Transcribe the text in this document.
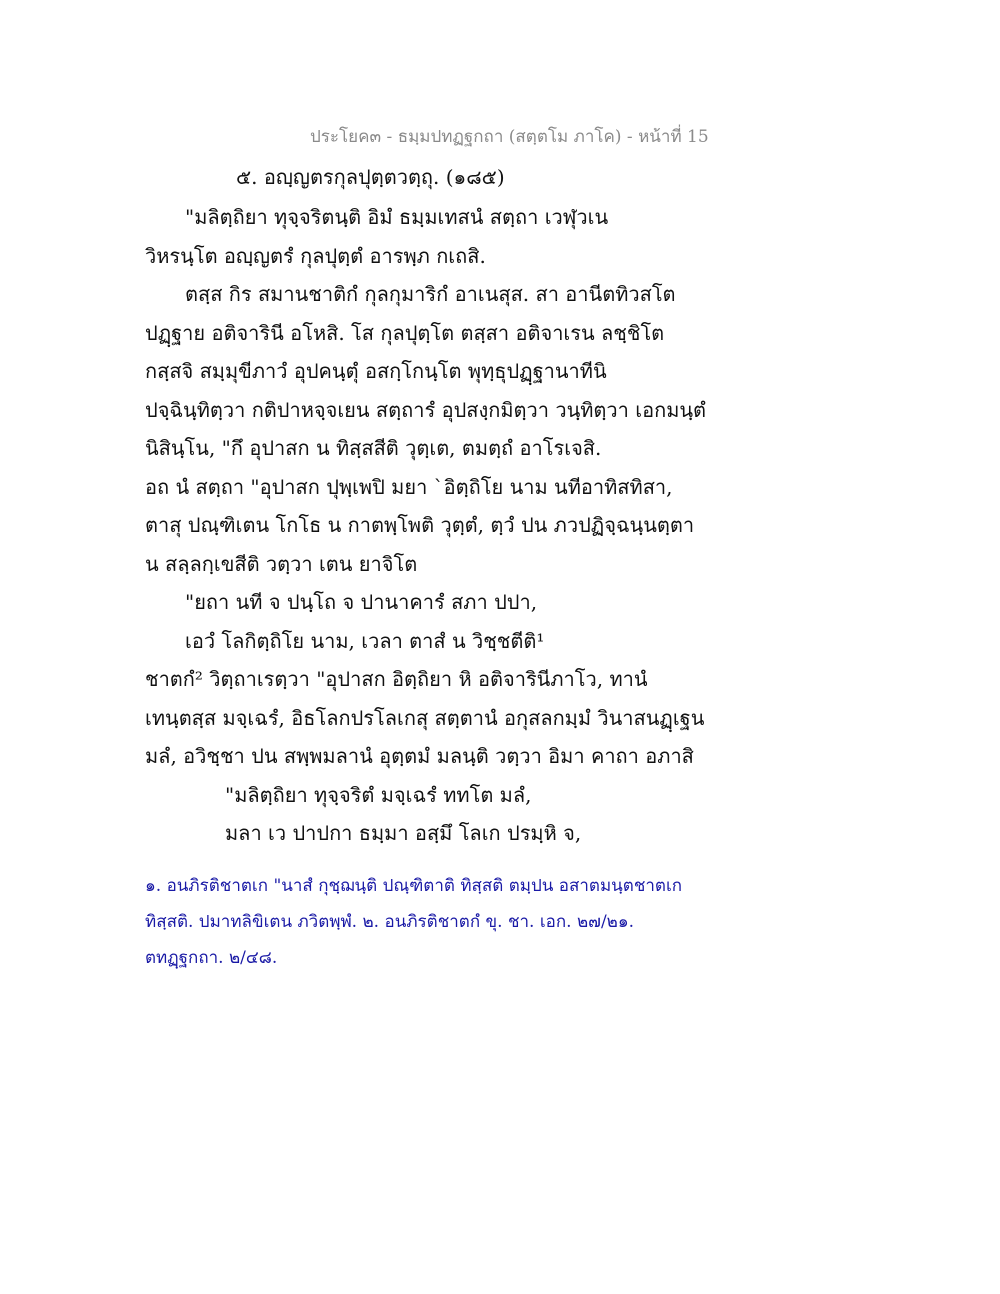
ประโยค๓ - ธมฺมปทฏฐกถา (สตฺตโม ภาโค) - หน้าที่ 15
๕. อญฺญตรกุลปุตฺตวตฺถุ. (๑๘๕)
"มลิตฺถิยา ทุจฺจริตนฺติ อิมํ ธมฺมเทสนํ สตฺถา เวฬุวเน
วิหรนฺโต อญฺญตรํ กุลปุตฺตํ อารพฺภ กเถสิ.
ตสฺส กิร สมานชาติกํ กุลกุมาริกํ อาเนสุส. สา อานีตทิวสโต
ปฏฺฐาย อติจารินี อโหสิ. โส กุลปุตฺโต ตสฺสา อติจาเรน ลชฺชิโต
กสฺสจิ สมฺมุขีภาวํ อุปคนฺตุํ อสกฺโกนฺโต พุทฺธุปฏฺฐานาทีนิ
ปจฺฉินฺทิตฺวา กติปาหจฺจเยน สตฺถารํ อุปสงฺกมิตฺวา วนฺทิตฺวา เอกมนฺตํ
นิสินฺโน, "กึ อุปาสก น ทิสฺสสีติ วุตฺเต, ตมตฺถํ อาโรเจสิ.
อถ นํ สตฺถา "อุปาสก ปุพฺเพปิ มยา `อิตฺถิโย นาม นทีอาทิสทิสา,
ตาสุ ปณฺฑิเตน โกโธ น กาตพฺโพติ วุตฺตํ, ตฺวํ ปน ภวปฏิจฺฉนฺนตฺตา
น สลฺลกฺเขสีติ วตฺวา เตน ยาจิโต
"ยถา นที จ ปนฺโถ จ ปานาคารํ สภา ปปา,
เอวํ โลกิตฺถิโย นาม, เวลา ตาสํ น วิชฺชตีติ¹
ชาตกํ² วิตฺถาเรตฺวา "อุปาสก อิตฺถิยา หิ อติจารินีภาโว, ทานํ
เทนฺตสฺส มจฺเฉรํ, อิธโลกปรโลเกสุ สตฺตานํ อกุสลกมฺมํ วินาสนฏฺเฐน
มลํ, อวิชฺชา ปน สพฺพมลานํ อุตฺตมํ มลนฺติ วตฺวา อิมา คาถา อภาสิ
"มลิตฺถิยา ทุจฺจริตํ มจฺเฉรํ ททโต มลํ,
มลา เว ปาปกา ธมฺมา อสฺมึ โลเก ปรมฺหิ จ,
๑. อนภิรติชาตเก "นาสํ กุชฺฌนฺติ ปณฺฑิตาติ ทิสฺสติ ตมฺปน อสาตมนฺตชาตเก
ทิสฺสติ. ปมาทลิขิเตน ภวิตพฺพํ. ๒. อนภิรติชาตกํ ขุ. ชา. เอก. ๒๗/๒๑.
ตทฏฺฐกถา. ๒/๔๘.
